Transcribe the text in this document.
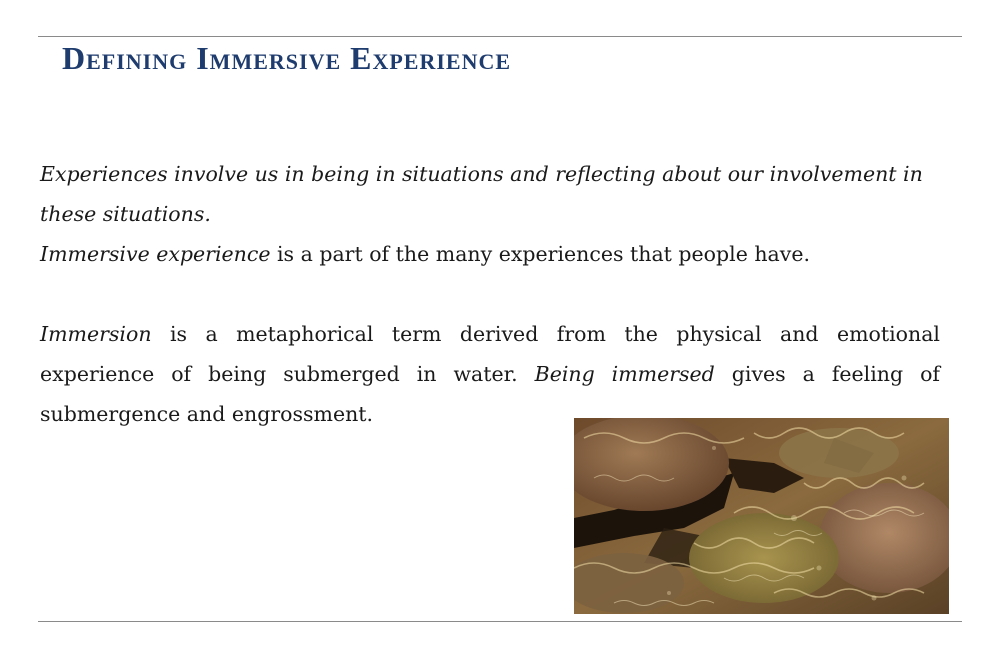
Defining Immersive Experience

Experiences involve us in being in situations and reflecting about our involvement in these situations.

Immersive experience is a part of the many experiences that people have.

Immersion is a metaphorical term derived from the physical and emotional experience of being submerged in water. Being immersed gives a feeling of submergence and engrossment.
